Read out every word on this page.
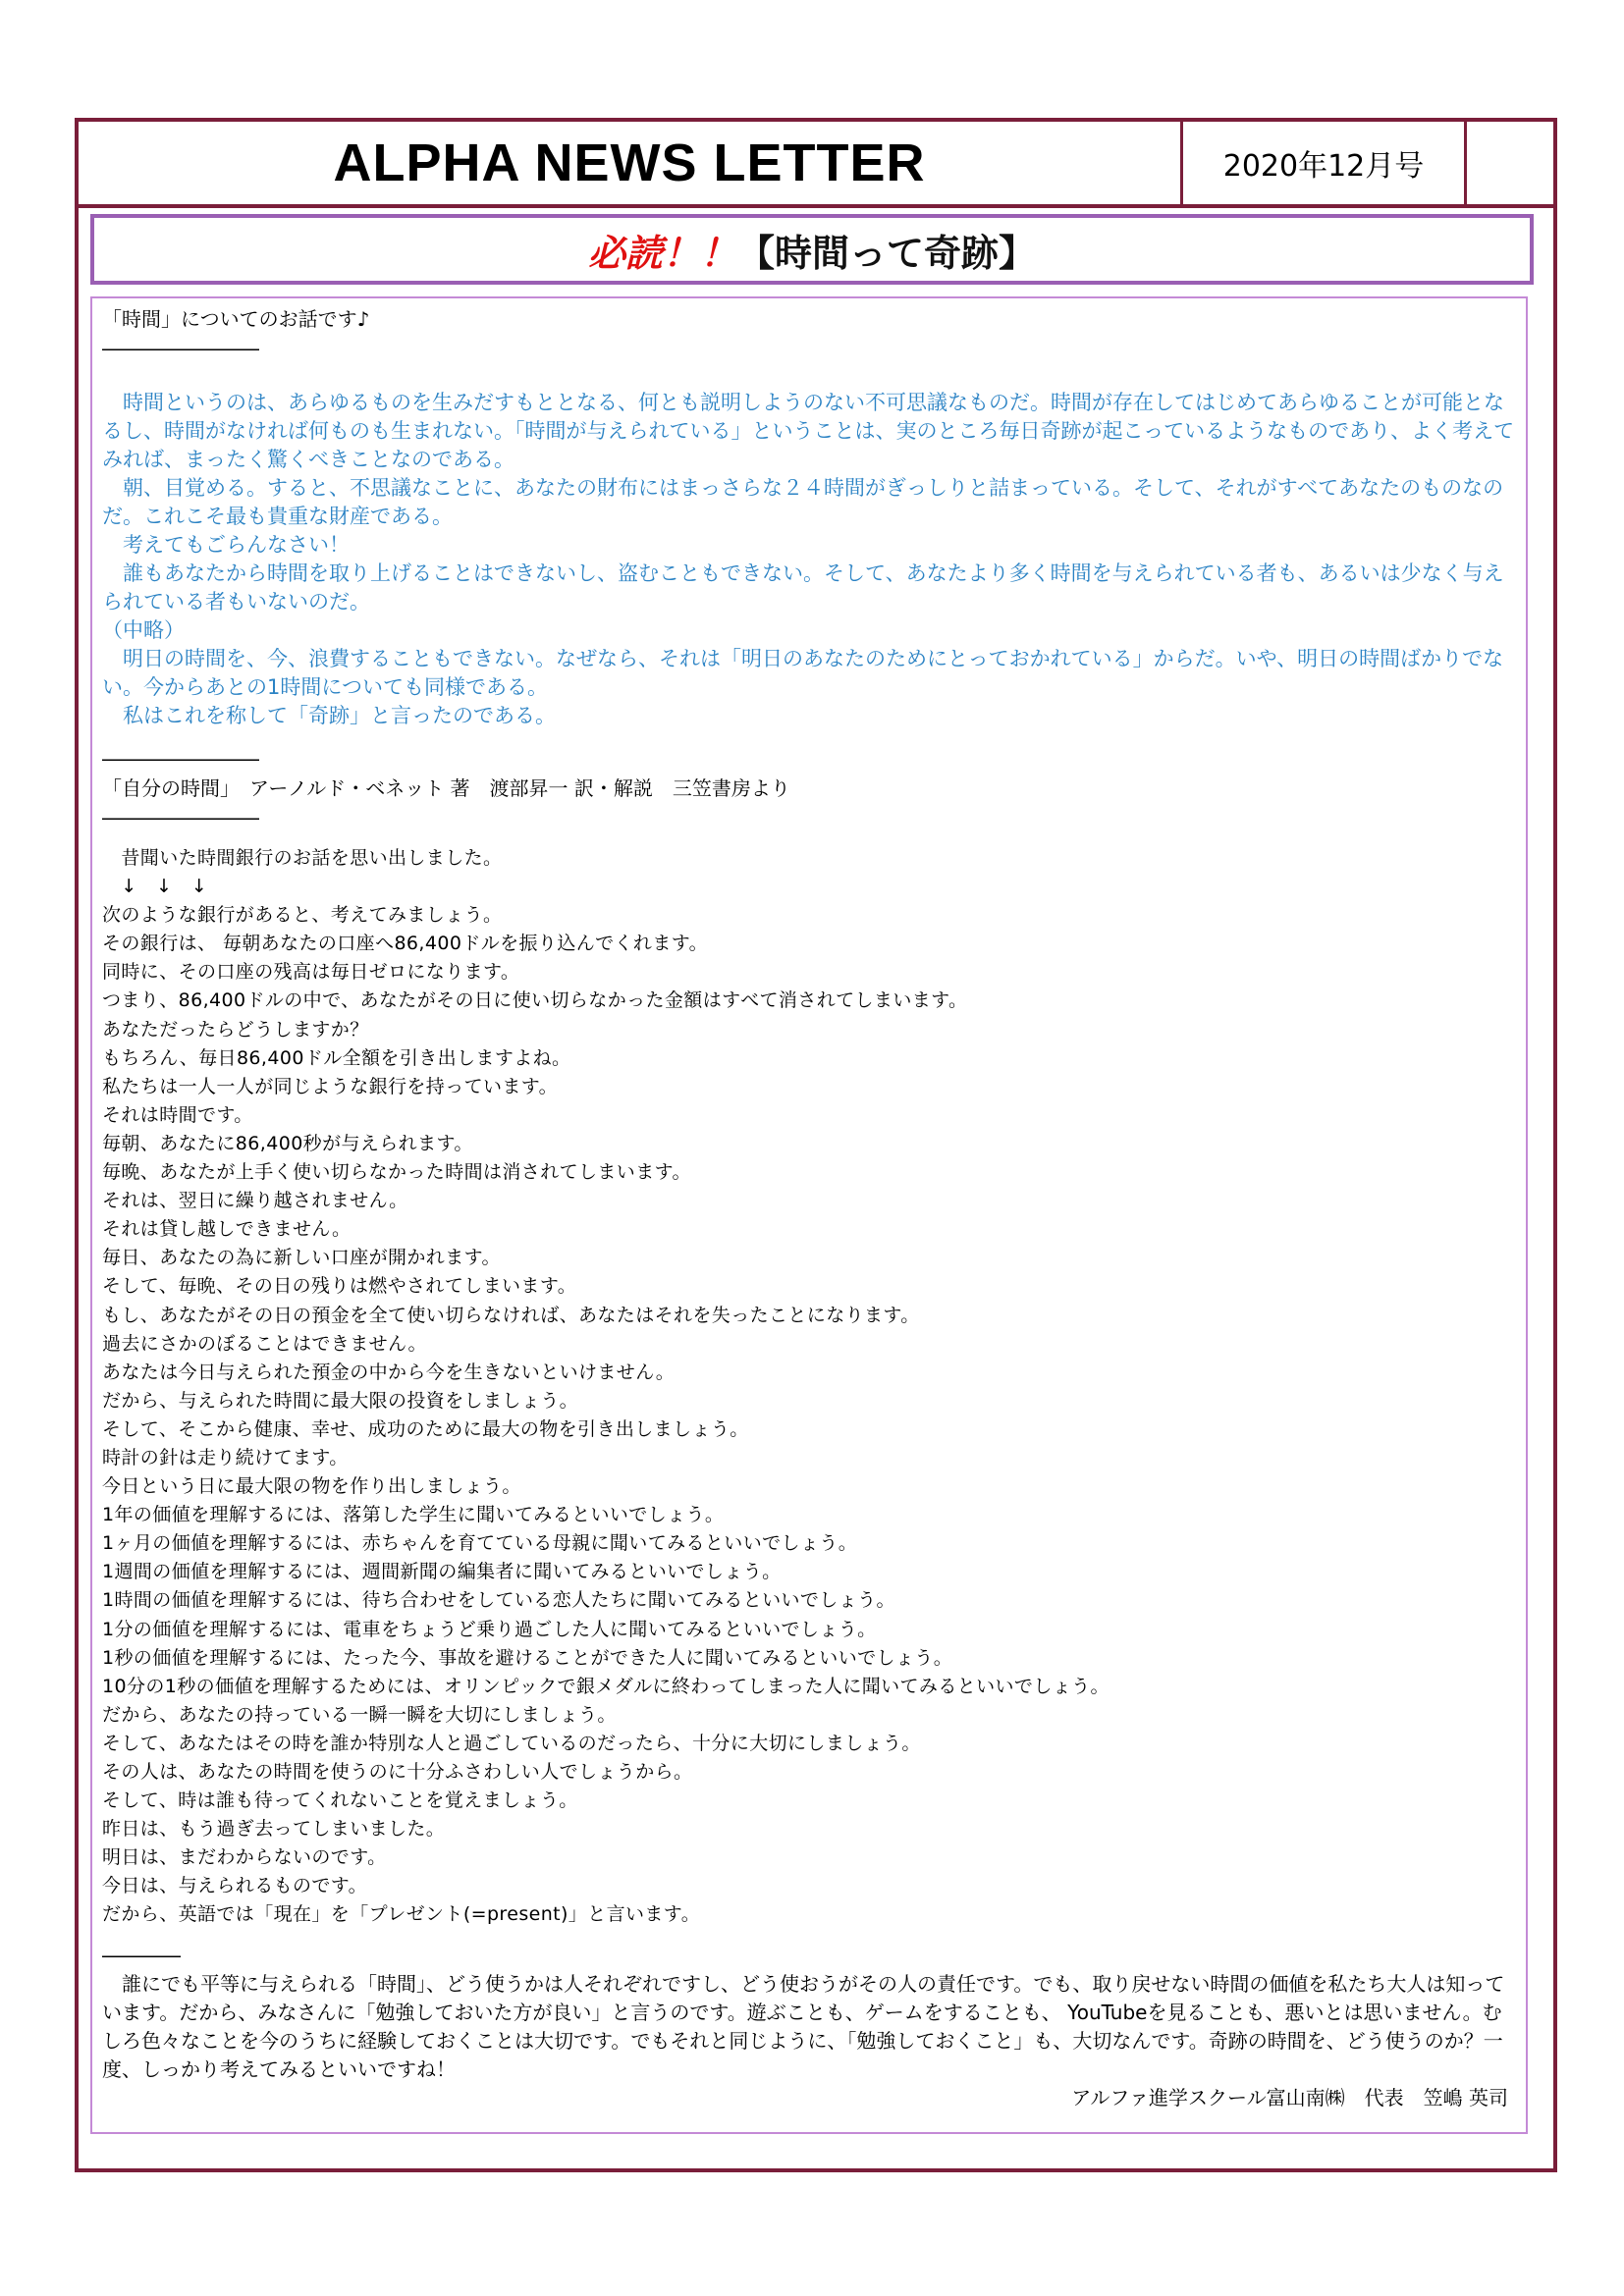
ALPHA NEWS LETTER	2020年12月号
必読！！ 【時間って奇跡】
「時間」についてのお話です♪
――――――――

　時間というのは、あらゆるものを生みだすもととなる、何とも説明しようのない不可思議なものだ。時間が存在してはじめてあらゆることが可能となるし、時間がなければ何ものも生まれない。「時間が与えられている」ということは、実のところ毎日奇跡が起こっているようなものであり、よく考えてみれば、まったく驚くべきことなのである。

　朝、目覚める。すると、不思議なことに、あなたの財布にはまっさらな２４時間がぎっしりと詰まっている。そして、それがすべてあなたのものなのだ。これこそ最も貴重な財産である。

　考えてもごらんなさい！

　誰もあなたから時間を取り上げることはできないし、盗むこともできない。そして、あなたより多く時間を与えられている者も、あるいは少なく与えられている者もいないのだ。

（中略）

　明日の時間を、今、浪費することもできない。なぜなら、それは「明日のあなたのためにとっておかれている」からだ。いや、明日の時間ばかりでない。今からあとの1時間についても同様である。

　私はこれを称して「奇跡」と言ったのである。

――――――――
「自分の時間」　アーノルド・ベネット 著　渡部昇一 訳・解説　三笠書房より
――――――――
　昔聞いた時間銀行のお話を思い出しました。
　↓　↓　↓
次のような銀行があると、考えてみましょう。
その銀行は、 毎朝あなたの口座へ86,400ドルを振り込んでくれます。
同時に、その口座の残高は毎日ゼロになります。
つまり、86,400ドルの中で、あなたがその日に使い切らなかった金額はすべて消されてしまいます。
あなただったらどうしますか？
もちろん、毎日86,400ドル全額を引き出しますよね。
私たちは一人一人が同じような銀行を持っています。
それは時間です。
毎朝、あなたに86,400秒が与えられます。
毎晩、あなたが上手く使い切らなかった時間は消されてしまいます。
それは、翌日に繰り越されません。
それは貸し越しできません。
毎日、あなたの為に新しい口座が開かれます。
そして、毎晩、その日の残りは燃やされてしまいます。
もし、あなたがその日の預金を全て使い切らなければ、あなたはそれを失ったことになります。
過去にさかのぼることはできません。
あなたは今日与えられた預金の中から今を生きないといけません。
だから、与えられた時間に最大限の投資をしましょう。
そして、そこから健康、幸せ、成功のために最大の物を引き出しましょう。
時計の針は走り続けてます。
今日という日に最大限の物を作り出しましょう。
1年の価値を理解するには、落第した学生に聞いてみるといいでしょう。
1ヶ月の価値を理解するには、赤ちゃんを育てている母親に聞いてみるといいでしょう。
1週間の価値を理解するには、週間新聞の編集者に聞いてみるといいでしょう。
1時間の価値を理解するには、待ち合わせをしている恋人たちに聞いてみるといいでしょう。
1分の価値を理解するには、電車をちょうど乗り過ごした人に聞いてみるといいでしょう。
1秒の価値を理解するには、たった今、事故を避けることができた人に聞いてみるといいでしょう。
10分の1秒の価値を理解するためには、オリンピックで銀メダルに終わってしまった人に聞いてみるといいでしょう。
だから、あなたの持っている一瞬一瞬を大切にしましょう。
そして、あなたはその時を誰か特別な人と過ごしているのだったら、十分に大切にしましょう。
その人は、あなたの時間を使うのに十分ふさわしい人でしょうから。
そして、時は誰も待ってくれないことを覚えましょう。
昨日は、もう過ぎ去ってしまいました。
明日は、まだわからないのです。
今日は、与えられるものです。
だから、英語では「現在」を「プレゼント(=present)」と言います。
――――

　誰にでも平等に与えられる「時間」、どう使うかは人それぞれですし、どう使おうがその人の責任です。でも、取り戻せない時間の価値を私たち大人は知っています。だから、みなさんに「勉強しておいた方が良い」と言うのです。遊ぶことも、ゲームをすることも、 YouTubeを見ることも、悪いとは思いません。むしろ色々なことを今のうちに経験しておくことは大切です。でもそれと同じように、「勉強しておくこと」も、大切なんです。奇跡の時間を、どう使うのか？一度、しっかり考えてみるといいですね！

アルファ進学スクール富山南㈱　代表　笠嶋 英司
